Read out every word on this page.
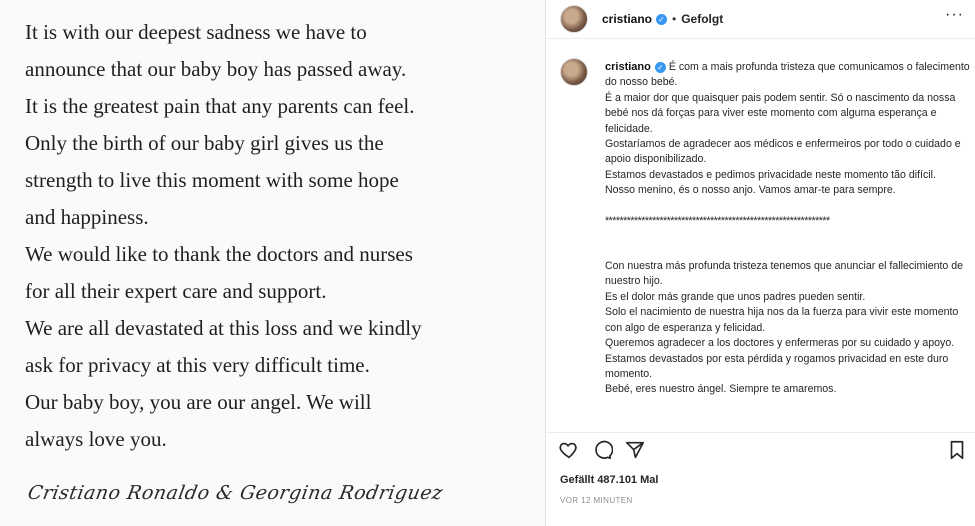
It is with our deepest sadness we have to
announce that our baby boy has passed away.
It is the greatest pain that any parents can feel.
Only the birth of our baby girl gives us the
strength to live this moment with some hope
and happiness.
We would like to thank the doctors and nurses
for all their expert care and support.
We are all devastated at this loss and we kindly
ask for privacy at this very difficult time.
Our baby boy, you are our angel. We will
always love you.
Cristiano Ronaldo & Georgina Rodriguez
cristiano ✓ • Gefolgt	···

cristiano ✓ É com a mais profunda tristeza que comunicamos o falecimento do nosso bebé.

É a maior dor que quaisquer pais podem sentir. Só o nascimento da nossa bebé nos dá forças para viver este momento com alguma esperança e felicidade.

Gostaríamos de agradecer aos médicos e enfermeiros por todo o cuidado e apoio disponibilizado.

Estamos devastados e pedimos privacidade neste momento tão difícil.

Nosso menino, és o nosso anjo. Vamos amar-te para sempre.

**************************************************************

Con nuestra más profunda tristeza tenemos que anunciar el fallecimiento de nuestro hijo.

Es el dolor más grande que unos padres pueden sentir.

Solo el nacimiento de nuestra hija nos da la fuerza para vivir este momento con algo de esperanza y felicidad.

Queremos agradecer a los doctores y enfermeras por su cuidado y apoyo.

Estamos devastados por esta pérdida y rogamos privacidad en este duro momento.

Bebé, eres nuestro ángel. Siempre te amaremos.

Gefällt 487.101 Mal
VOR 12 MINUTEN
